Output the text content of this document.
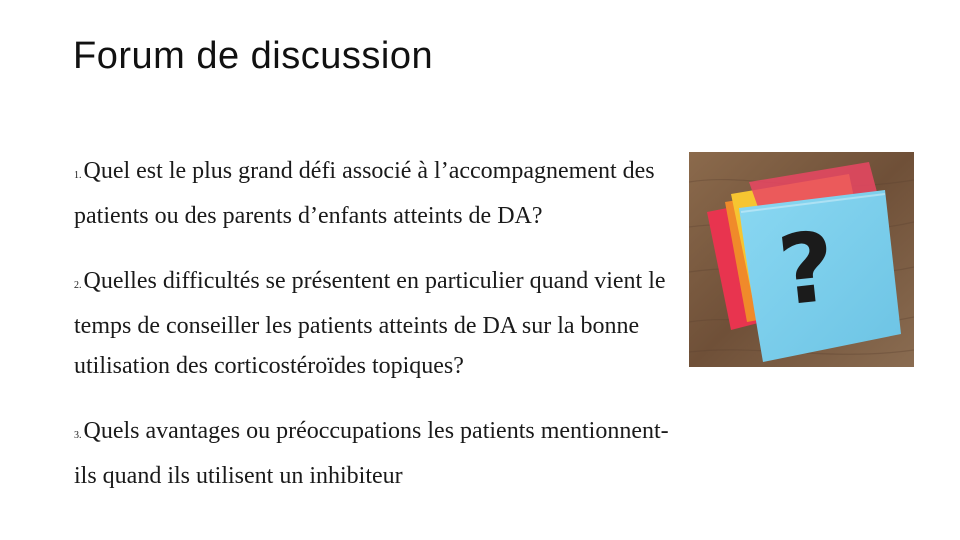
Forum de discussion
1.Quel est le plus grand défi associé à l’accompagnement des patients ou des parents d’enfants atteints de DA?
2.Quelles difficultés se présentent en particulier quand vient le temps de conseiller les patients atteints de DA sur la bonne utilisation des corticostéroïdes topiques?
3.Quels avantages ou préoccupations les patients mentionnent-ils quand ils utilisent un inhibiteur
?
